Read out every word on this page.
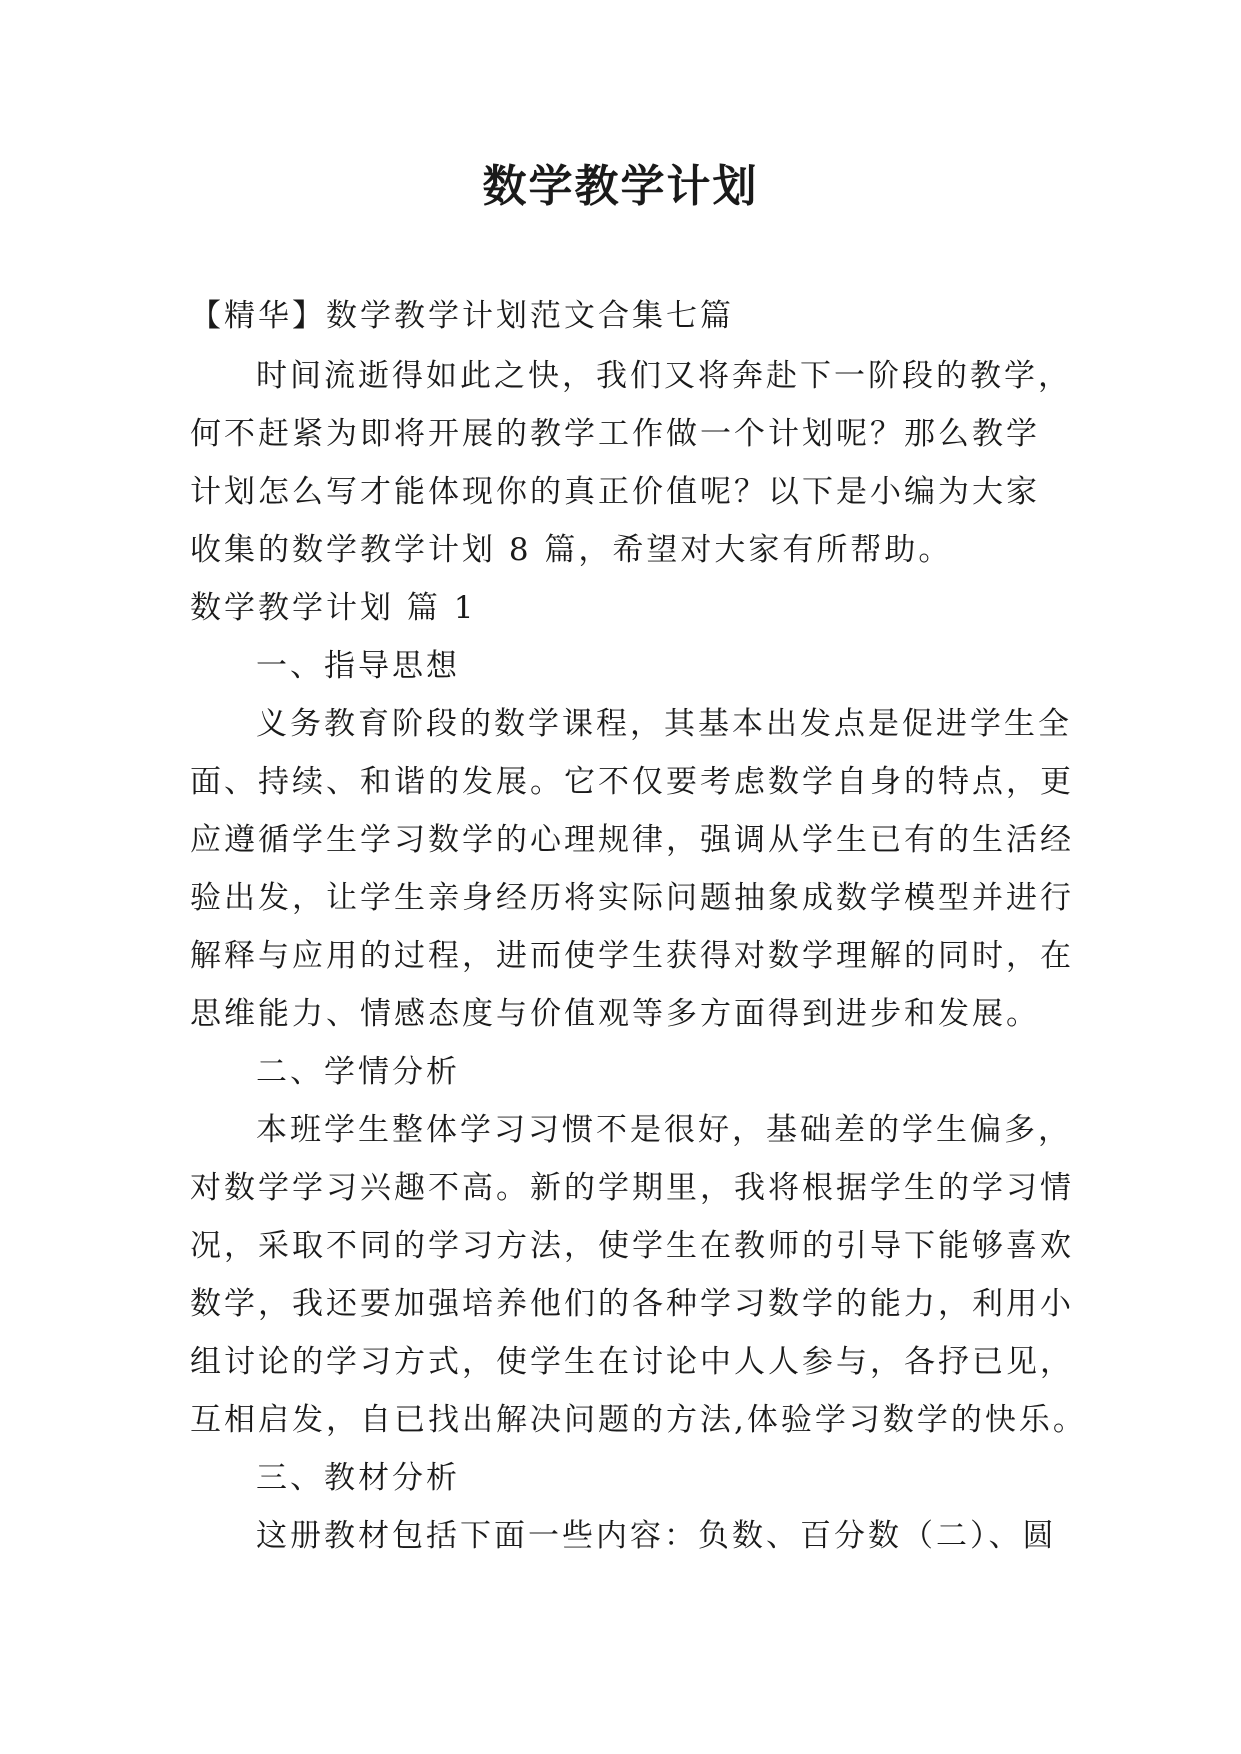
数学教学计划
【精华】数学教学计划范文合集七篇
时间流逝得如此之快，我们又将奔赴下一阶段的教学，
何不赶紧为即将开展的教学工作做一个计划呢？那么教学
计划怎么写才能体现你的真正价值呢？以下是小编为大家
收集的数学教学计划 8 篇，希望对大家有所帮助。
数学教学计划 篇 1
一、指导思想
义务教育阶段的数学课程，其基本出发点是促进学生全
面、持续、和谐的发展。它不仅要考虑数学自身的特点，更
应遵循学生学习数学的心理规律，强调从学生已有的生活经
验出发，让学生亲身经历将实际问题抽象成数学模型并进行
解释与应用的过程，进而使学生获得对数学理解的同时，在
思维能力、情感态度与价值观等多方面得到进步和发展。
二、学情分析
本班学生整体学习习惯不是很好，基础差的学生偏多，
对数学学习兴趣不高。新的学期里，我将根据学生的学习情
况，采取不同的学习方法，使学生在教师的引导下能够喜欢
数学，我还要加强培养他们的各种学习数学的能力，利用小
组讨论的学习方式，使学生在讨论中人人参与，各抒已见，
互相启发，自已找出解决问题的方法,体验学习数学的快乐。
三、教材分析
这册教材包括下面一些内容：负数、百分数（二）、圆
